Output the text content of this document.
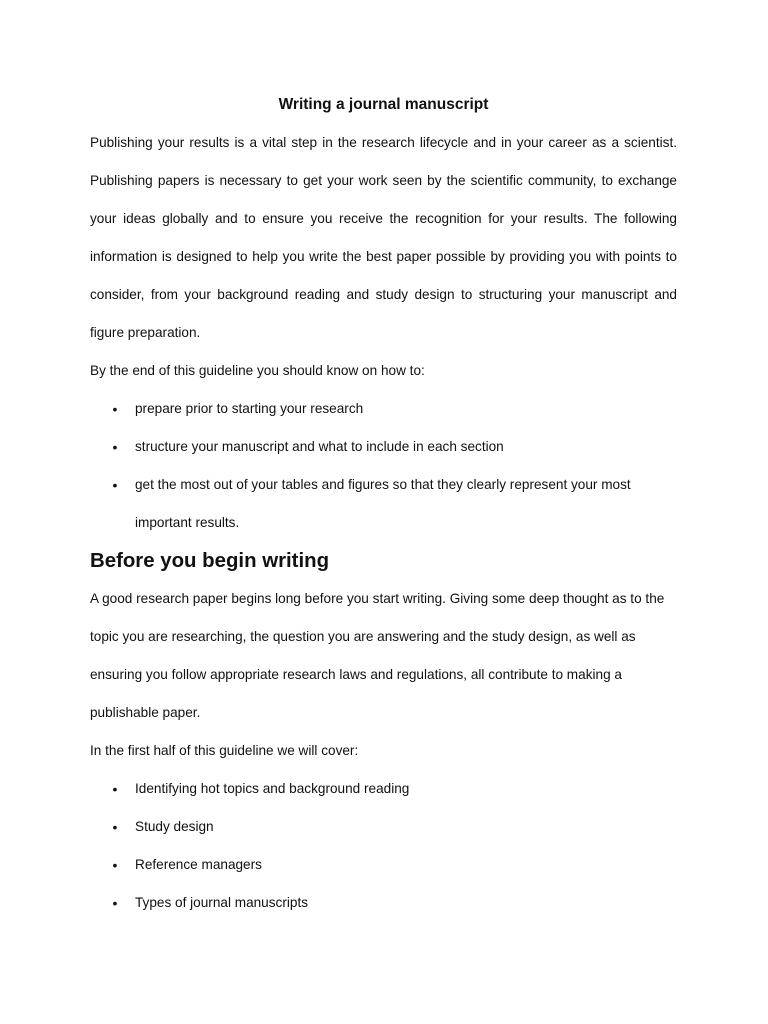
Writing a journal manuscript

Publishing your results is a vital step in the research lifecycle and in your career as a scientist. Publishing papers is necessary to get your work seen by the scientific community, to exchange your ideas globally and to ensure you receive the recognition for your results. The following information is designed to help you write the best paper possible by providing you with points to consider, from your background reading and study design to structuring your manuscript and figure preparation.

By the end of this guideline you should know on how to:

• prepare prior to starting your research
• structure your manuscript and what to include in each section
• get the most out of your tables and figures so that they clearly represent your most important results.
Before you begin writing

A good research paper begins long before you start writing. Giving some deep thought as to the topic you are researching, the question you are answering and the study design, as well as ensuring you follow appropriate research laws and regulations, all contribute to making a publishable paper.

In the first half of this guideline we will cover:

• Identifying hot topics and background reading
• Study design
• Reference managers
• Types of journal manuscripts
